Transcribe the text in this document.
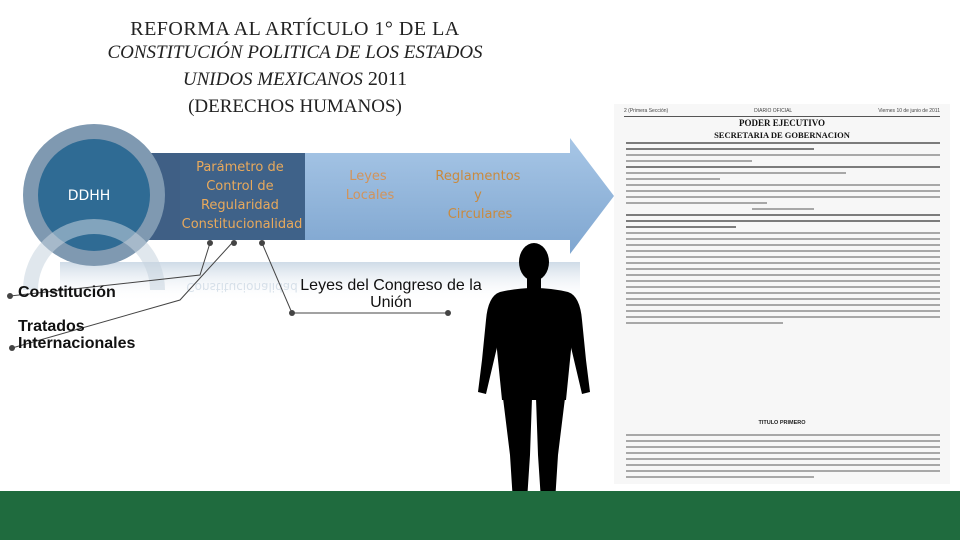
REFORMA AL ARTÍCULO 1° DE LA
CONSTITUCIÓN POLITICA DE LOS ESTADOS
UNIDOS MEXICANOS 2011
(DERECHOS HUMANOS)
Parámetro de Control de Regularidad Constitucionalidad
Constitucionalidad
Leyes Locales
Reglamentos y Circulares
DDHH
Constitución
Tratados Internacionales
Leyes del Congreso de la Unión
2 (Primera Sección)	DIARIO OFICIAL	Viernes 10 de junio de 2011
PODER EJECUTIVO
SECRETARIA DE GOBERNACION
TITULO PRIMERO
